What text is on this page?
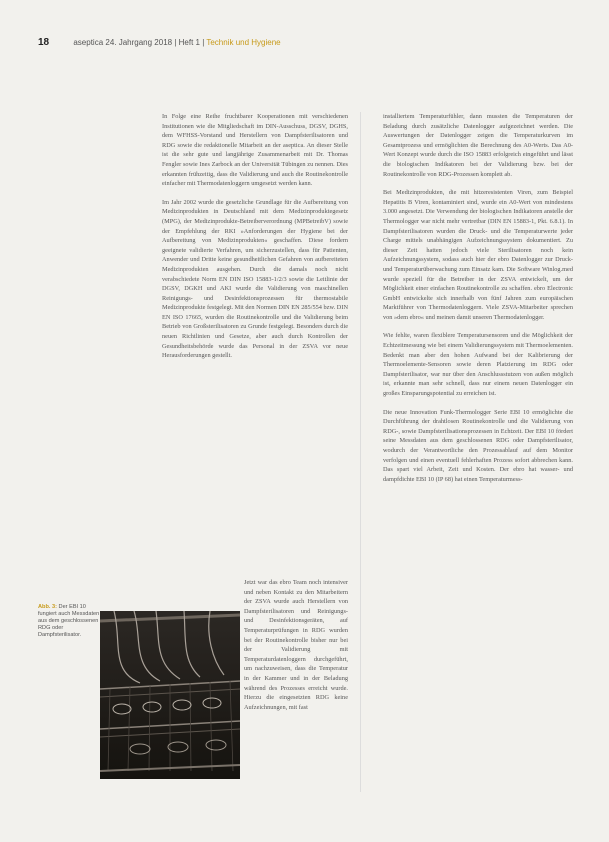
18	aseptica 24. Jahrgang 2018 | Heft 1 | Technik und Hygiene

In Folge eine Reihe fruchtbarer Kooperationen mit verschiedenen Institutionen wie die Mitgliedschaft im DIN-Ausschuss, DGSV, DGHS, dem WFHSS-Vorstand und Herstellern von Dampfsterilisatoren und RDG sowie die redaktionelle Mitarbeit an der aseptica. An dieser Stelle ist die sehr gute und langjährige Zusammenarbeit mit Dr. Thomas Fengler sowie Ines Zarbock an der Universität Tübingen zu nennen. Dies erkannten frühzeitig, dass die Validierung und auch die Routinekontrolle einfacher mit Thermodatenloggern umgesetzt werden kann.

Im Jahr 2002 wurde die gesetzliche Grundlage für die Aufbereitung von Medizinprodukten in Deutschland mit dem Medizinproduktegesetz (MPG), der Medizinprodukte-Betreiberverordnung (MPBetreibV) sowie der Empfehlung der RKI »Anforderungen der Hygiene bei der Aufbereitung von Medizinprodukten« geschaffen. Diese fordern geeignete validierte Verfahren, um sicherzustellen, dass für Patienten, Anwender und Dritte keine gesundheitlichen Gefahren von aufbereiteten Medizinprodukten ausgehen. Durch die damals noch nicht verabschiedete Norm EN DIN ISO 15883-1/2/3 sowie die Leitlinie der DGSV, DGKH und AKI wurde die Validierung von maschinellen Reinigungs- und Desinfektionsprozessen für thermostabile Medizinprodukte festgelegt. Mit den Normen DIN EN 285/554 bzw. DIN EN ISO 17665, wurden die Routinekontrolle und die Validierung beim Betrieb von Großsterilisatoren zu Grunde festgelegt. Besonders durch die neuen Richtlinien und Gesetze, aber auch durch Kontrollen der Gesundheitsbehörde wurde das Personal in der ZSVA vor neue Herausforderungen gestellt.

Jetzt war das ebro Team noch intensiver und neben Kontakt zu den Mitarbeitern der ZSVA wurde auch Herstellern von Dampfsterilisatoren und Reinigungs- und Desinfektionsgeräten, auf Temperaturprüfungen in RDG wurden bei der Routinekontrolle bisher nur bei der Validierung mit Temperaturdatenloggern durchgeführt, um nachzuweisen, dass die Temperatur in der Kammer und in der Beladung während des Prozesses erreicht wurde. Hierzu die eingesetzten RDG keine Aufzeichnungen, mit fast

installiertem Temperaturfühler, dann mussten die Temperaturen der Beladung durch zusätzliche Datenlogger aufgezeichnet werden. Die Auswertungen der Datenlogger zeigen die Temperaturkurven im Gesamtprozess und ermöglichten die Berechnung des A0-Werts. Das A0-Wert Konzept wurde durch die ISO 15883 erfolgreich eingeführt und lässt die biologischen Indikatoren bei der Validierung bzw. bei der Routinekontrolle von RDG-Prozessen komplett ab.

Bei Medizinprodukten, die mit hitzeresistenten Viren, zum Beispiel Hepatitis B Viren, kontaminiert sind, wurde ein A0-Wert von mindestens 3.000 angesetzt. Die Verwendung der biologischen Indikatoren anstelle der Thermologger war nicht mehr vertretbar (DIN EN 15883-1, Pkt. 6.8.1). In Dampfsterilisatoren wurden die Druck- und die Temperaturwerte jeder Charge mittels unabhängigen Aufzeichnungssystem dokumentiert. Zu dieser Zeit hatten jedoch viele Sterilisatoren noch kein Aufzeichnungssystem, sodass auch hier der ebro Datenlogger zur Druck- und Temperaturüberwachung zum Einsatz kam. Die Software Winlog.med wurde speziell für die Betreiber in der ZSVA entwickelt, um der Möglichkeit einer einfachen Routinekontrolle zu schaffen. ebro Electronic GmbH entwickelte sich innerhalb von fünf Jahren zum europäischen Marktführer von Thermodatenloggern. Viele ZSVA-Mitarbeiter sprechen von »dem ebro« und meinen damit unseren Thermodatenlogger.

Wie fehlte, waren flexiblere Temperatursensoren und die Möglichkeit der Echtzeitmessung wie bei einem Validierungssystem mit Thermoelementen. Bedenkt man aber den hohen Aufwand bei der Kalibrierung der Thermoelemente-Sensoren sowie deren Platzierung im RDG oder Dampfsterilisator, war nur über den Anschlussstutzen von außen möglich ist, erkannte man sehr schnell, dass nur einem neuen Datenlogger ein großes Einsparungspotential zu erreichen ist.

Die neue Innovation Funk-Thermologger Serie EBI 10 ermöglichte die Durchführung der drahtlosen Routinekontrolle und die Validierung von RDG-, sowie Dampfsterilisationsprozessen in Echtzeit. Der EBI 10 fördert seine Messdaten aus dem geschlossenen RDG oder Dampfsterilisator, wodurch der Verantwortliche den Prozessablauf auf dem Monitor verfolgen und einen eventuell fehlerhaften Prozess sofort abbrechen kann. Das spart viel Arbeit, Zeit und Kosten. Der ebro hat wasser- und dampfdichte EBI 10 (IP 68) hat einen Temperaturmess-

Abb. 3: Der EBI 10 fungiert auch Messdaten aus dem geschlossenen RDG oder Dampfsterilisator.
